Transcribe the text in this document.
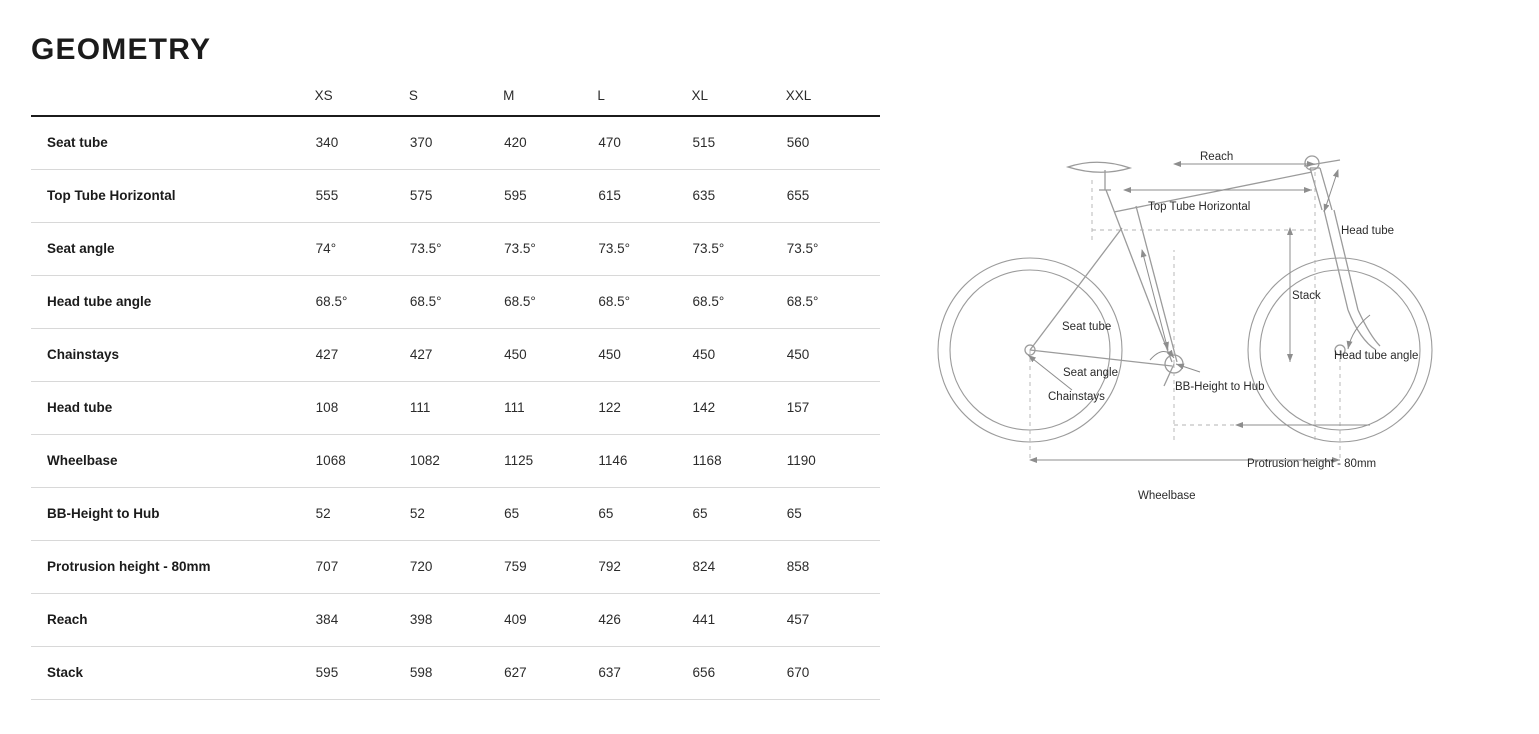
GEOMETRY
	XS	S	M	L	XL	XXL
Seat tube	340	370	420	470	515	560
Top Tube Horizontal	555	575	595	615	635	655
Seat angle	74°	73.5°	73.5°	73.5°	73.5°	73.5°
Head tube angle	68.5°	68.5°	68.5°	68.5°	68.5°	68.5°
Chainstays	427	427	450	450	450	450
Head tube	108	111	111	122	142	157
Wheelbase	1068	1082	1125	1146	1168	1190
BB-Height to Hub	52	52	65	65	65	65
Protrusion height - 80mm	707	720	759	792	824	858
Reach	384	398	409	426	441	457
Stack	595	598	627	637	656	670
Reach
Top Tube Horizontal
Head tube
Stack
Seat tube
Seat angle
Head tube angle
BB-Height to Hub
Chainstays
Protrusion height - 80mm
Wheelbase
